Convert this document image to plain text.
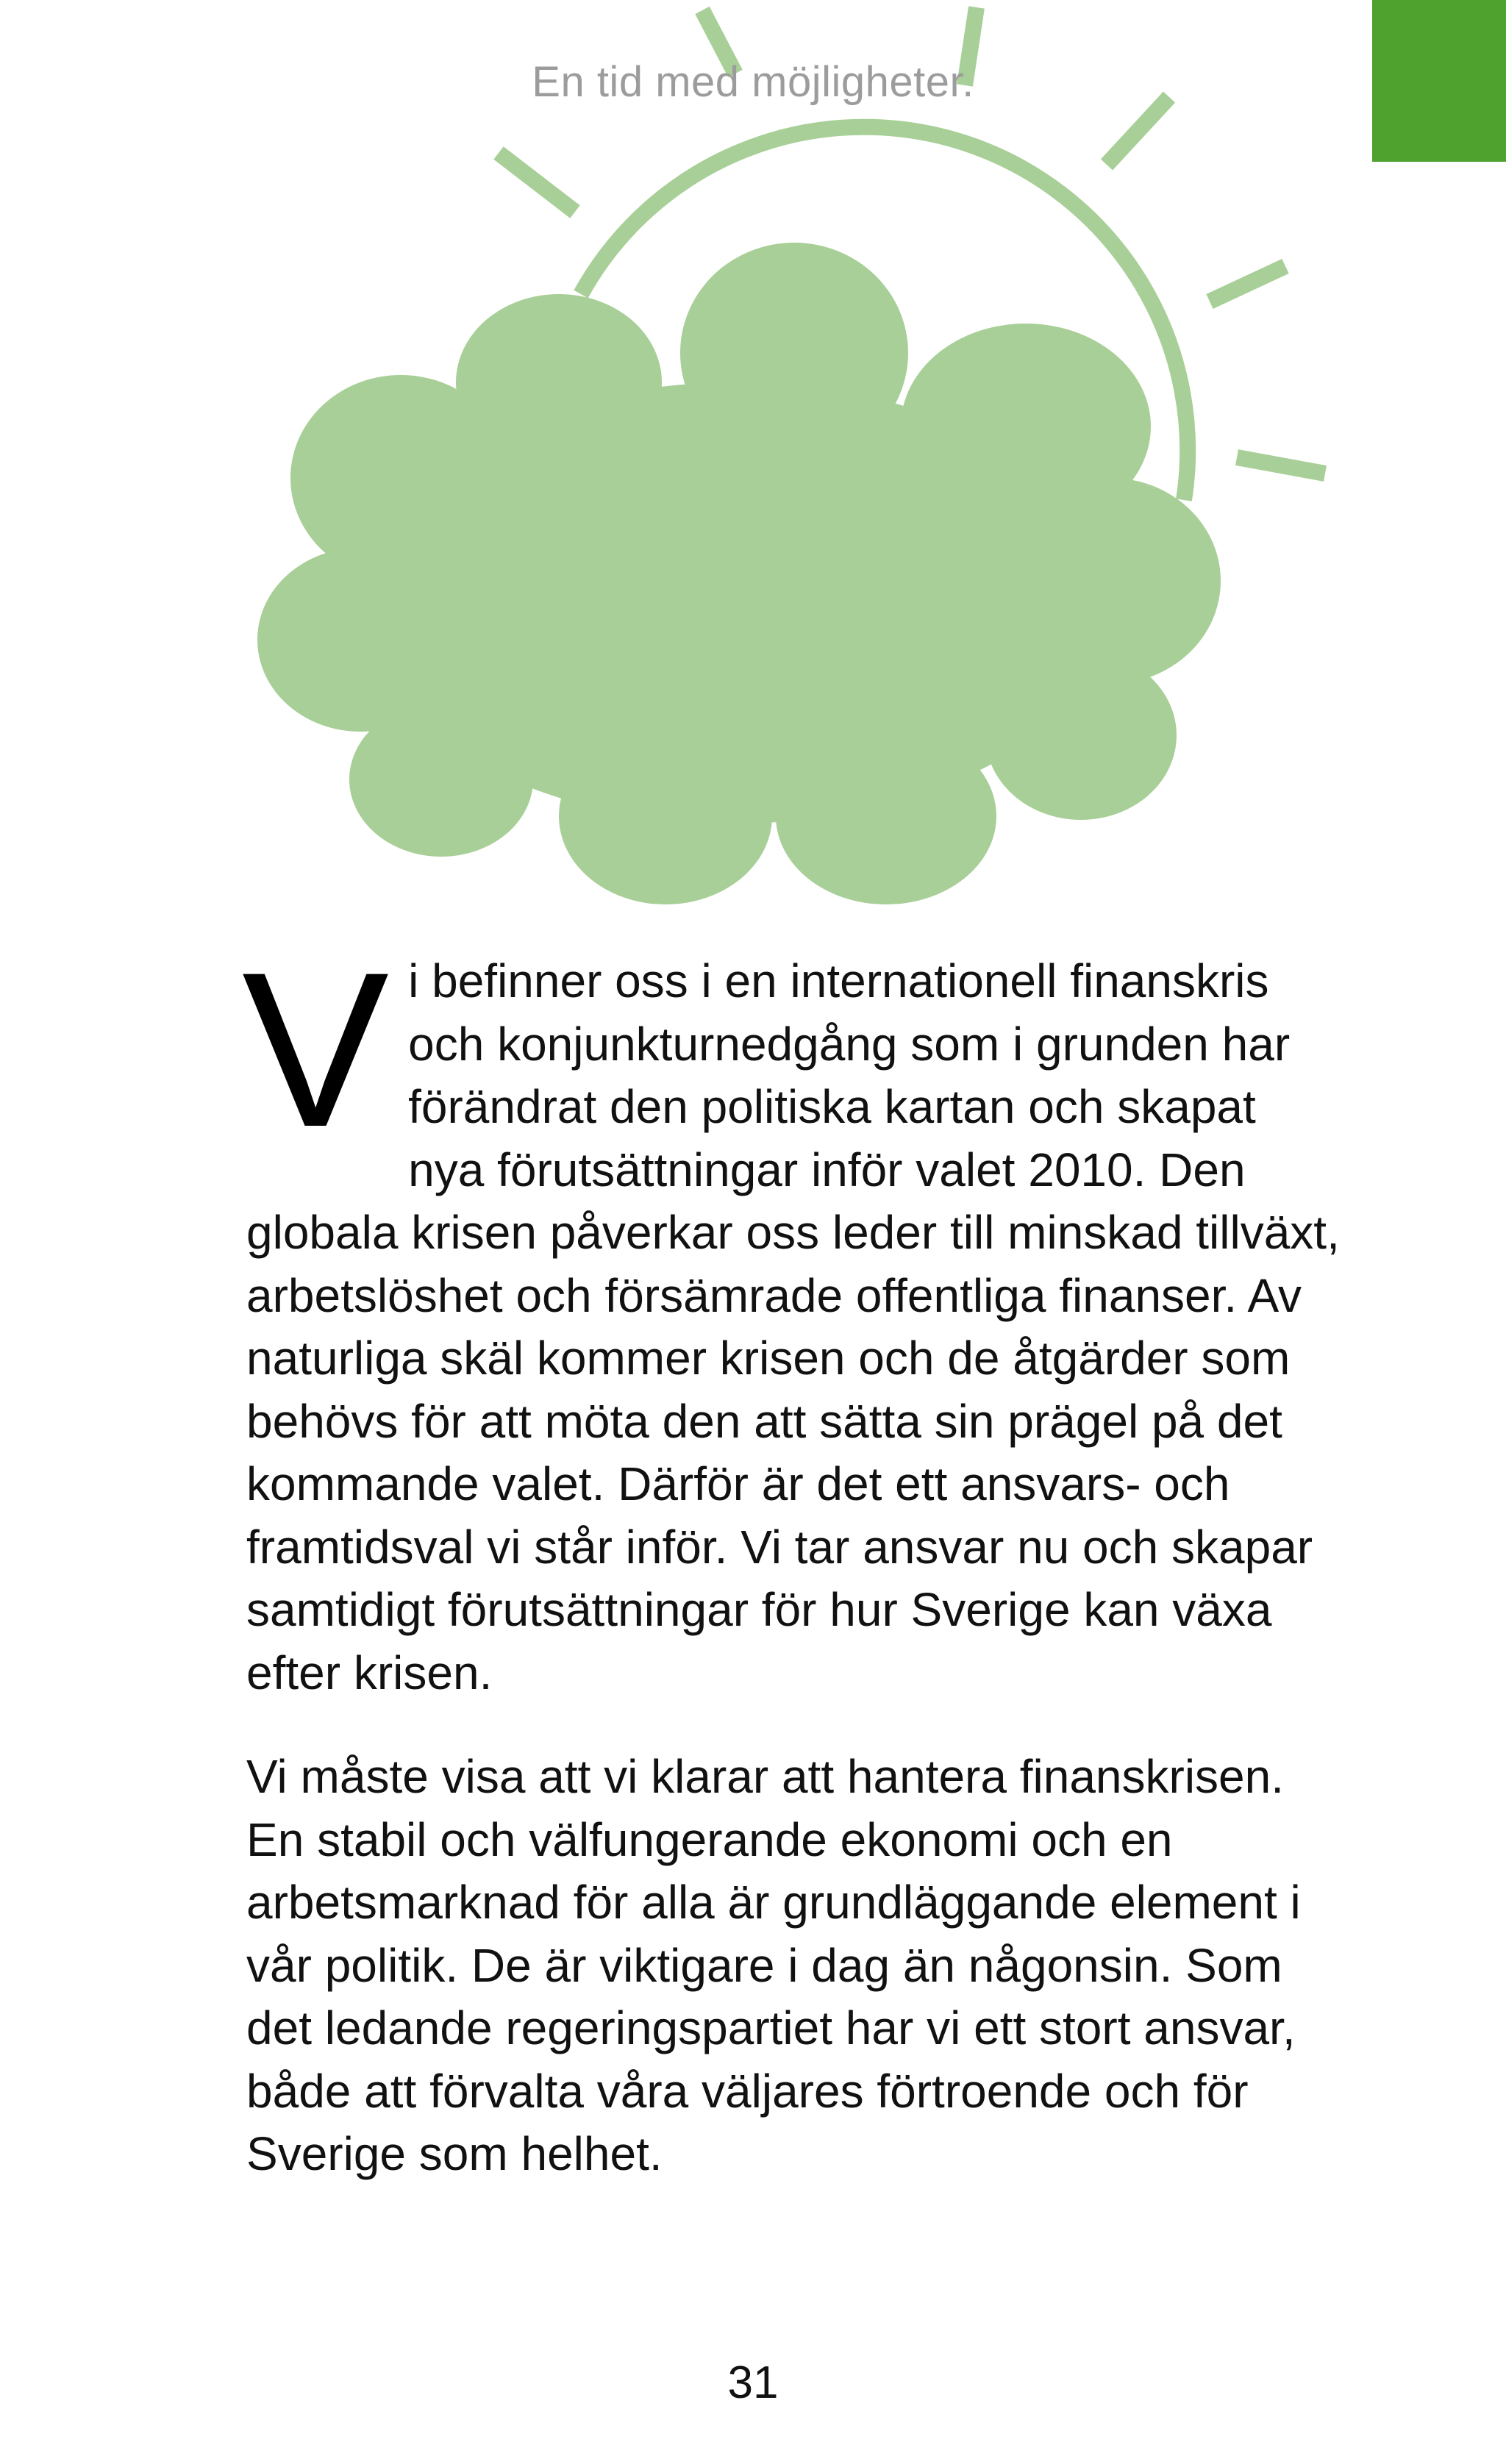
En tid med möjligheter.

Vi befinner oss i en internationell finanskris och konjunkturnedgång som i grunden har förändrat den politiska kartan och skapat nya förutsättningar inför valet 2010. Den globala krisen påverkar oss leder till minskad tillväxt, arbetslöshet och försämrade offentliga finanser. Av naturliga skäl kommer krisen och de åtgärder som behövs för att möta den att sätta sin prägel på det kommande valet. Därför är det ett ansvars- och framtidsval vi står inför. Vi tar ansvar nu och skapar samtidigt förutsättningar för hur Sverige kan växa efter krisen.

Vi måste visa att vi klarar att hantera finanskrisen. En stabil och välfungerande ekonomi och en arbetsmarknad för alla är grundläggande element i vår politik. De är viktigare i dag än någonsin. Som det ledande regeringspartiet har vi ett stort ansvar, både att förvalta våra väljares förtroende och för Sverige som helhet.

31
